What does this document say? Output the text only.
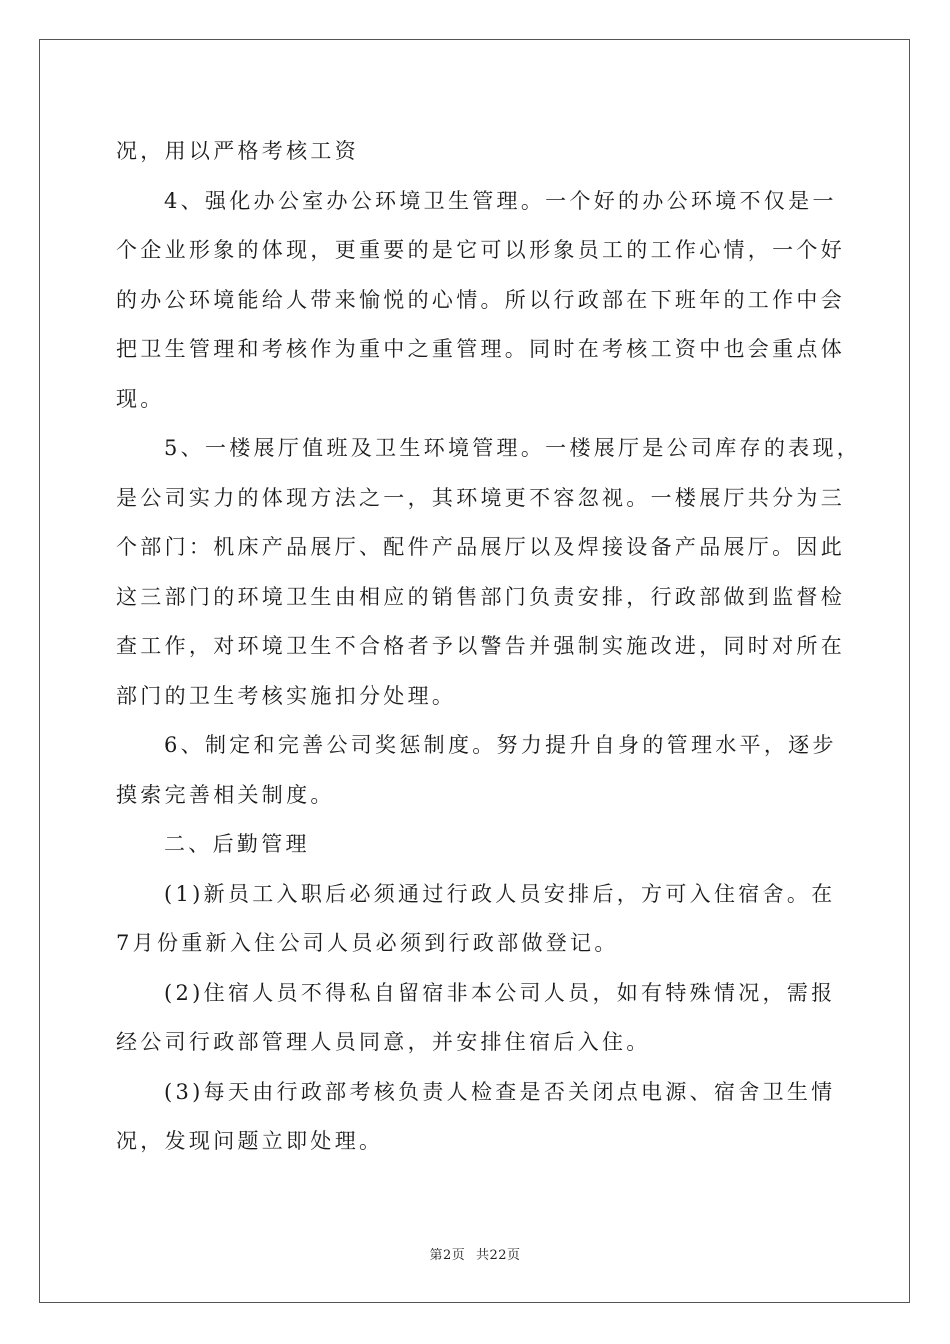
况，用以严格考核工资
4、强化办公室办公环境卫生管理。一个好的办公环境不仅是一
个企业形象的体现，更重要的是它可以形象员工的工作心情，一个好
的办公环境能给人带来愉悦的心情。所以行政部在下班年的工作中会
把卫生管理和考核作为重中之重管理。同时在考核工资中也会重点体
现。
5、一楼展厅值班及卫生环境管理。一楼展厅是公司库存的表现，
是公司实力的体现方法之一，其环境更不容忽视。一楼展厅共分为三
个部门：机床产品展厅、配件产品展厅以及焊接设备产品展厅。因此
这三部门的环境卫生由相应的销售部门负责安排，行政部做到监督检
查工作，对环境卫生不合格者予以警告并强制实施改进，同时对所在
部门的卫生考核实施扣分处理。
6、制定和完善公司奖惩制度。努力提升自身的管理水平，逐步
摸索完善相关制度。
二、后勤管理
(1)新员工入职后必须通过行政人员安排后，方可入住宿舍。在
7月份重新入住公司人员必须到行政部做登记。
(2)住宿人员不得私自留宿非本公司人员，如有特殊情况，需报
经公司行政部管理人员同意，并安排住宿后入住。
(3)每天由行政部考核负责人检查是否关闭点电源、宿舍卫生情
况，发现问题立即处理。
第2页 共22页
